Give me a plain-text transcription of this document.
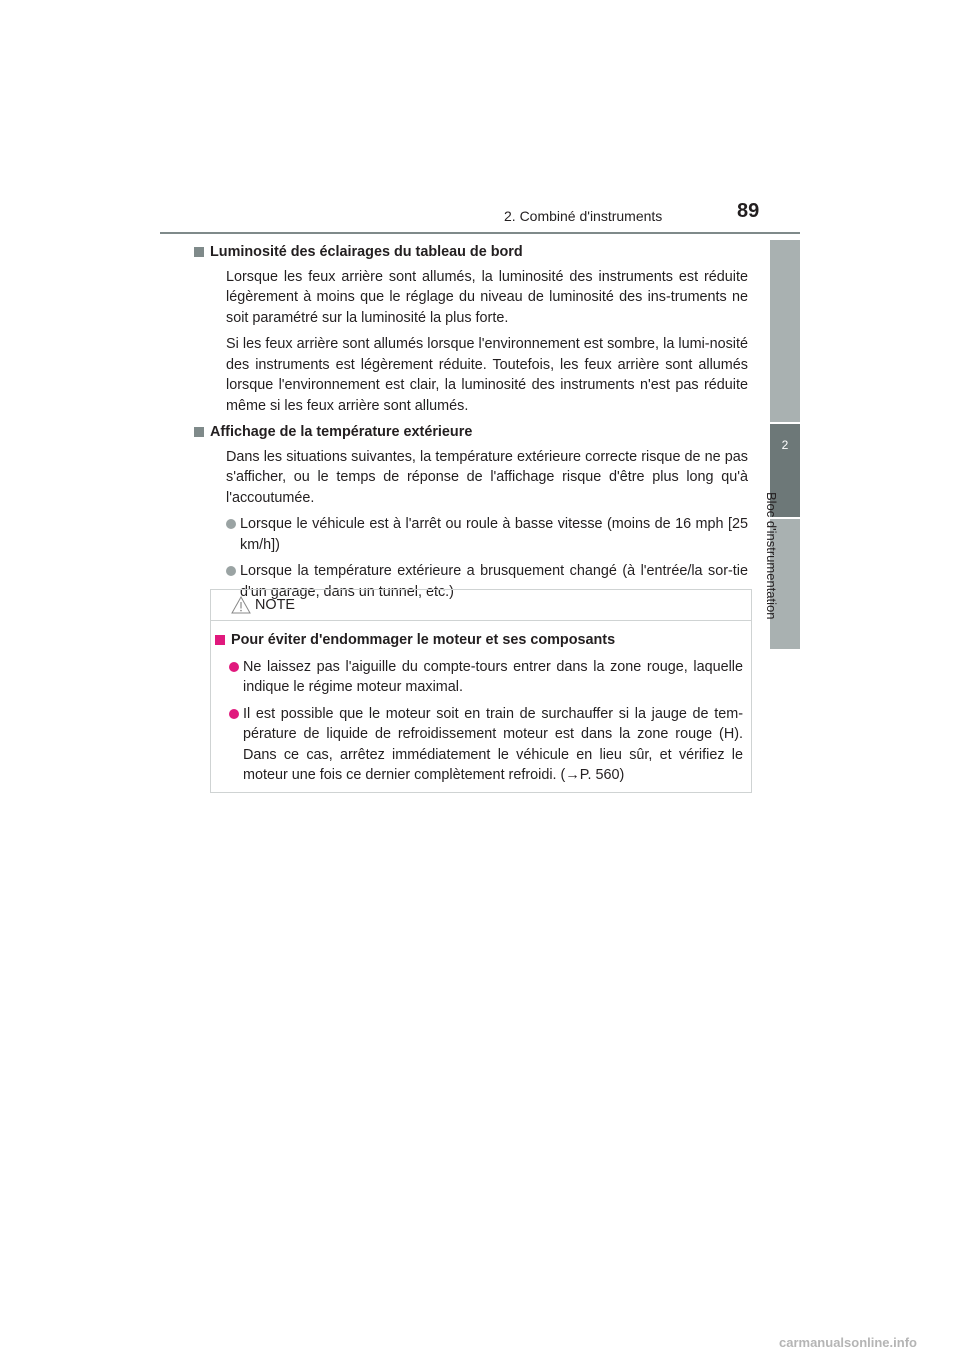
2. Combiné d'instruments	89
2
Bloc d'instrumentation
Luminosité des éclairages du tableau de bord

Lorsque les feux arrière sont allumés, la luminosité des instruments est réduite légèrement à moins que le réglage du niveau de luminosité des ins-truments ne soit paramétré sur la luminosité la plus forte.

Si les feux arrière sont allumés lorsque l'environnement est sombre, la lumi-nosité des instruments est légèrement réduite. Toutefois, les feux arrière sont allumés lorsque l'environnement est clair, la luminosité des instruments n'est pas réduite même si les feux arrière sont allumés.

Affichage de la température extérieure

Dans les situations suivantes, la température extérieure correcte risque de ne pas s'afficher, ou le temps de réponse de l'affichage risque d'être plus long qu'à l'accoutumée.

Lorsque le véhicule est à l'arrêt ou roule à basse vitesse (moins de 16 mph [25 km/h])
Lorsque la température extérieure a brusquement changé (à l'entrée/la sor-tie d'un garage, dans un tunnel, etc.)
NOTE
Pour éviter d'endommager le moteur et ses composants
Ne laissez pas l'aiguille du compte-tours entrer dans la zone rouge, laquelle indique le régime moteur maximal.
Il est possible que le moteur soit en train de surchauffer si la jauge de tem-pérature de liquide de refroidissement moteur est dans la zone rouge (H). Dans ce cas, arrêtez immédiatement le véhicule en lieu sûr, et vérifiez le moteur une fois ce dernier complètement refroidi. (→P. 560)
carmanualsonline.info
